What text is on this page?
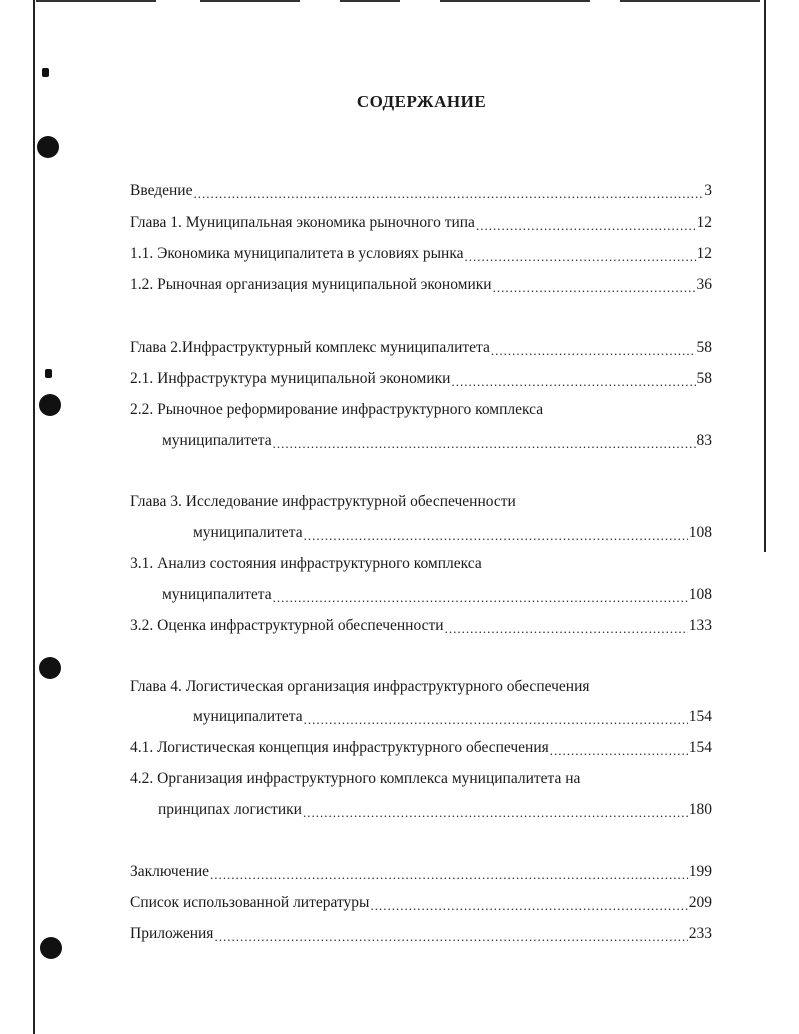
СОДЕРЖАНИЕ
Введение .....	3
Глава 1. Муниципальная экономика рыночного типа .....	12
1.1. Экономика муниципалитета в условиях рынка .....	12
1.2. Рыночная организация муниципальной экономики .....	36
Глава 2.Инфраструктурный комплекс муниципалитета .....	58
2.1. Инфраструктура муниципальной экономики .....	58
2.2. Рыночное реформирование инфраструктурного комплекса
муниципалитета .....	83
Глава 3. Исследование инфраструктурной обеспеченности
муниципалитета .....	108
3.1. Анализ состояния инфраструктурного комплекса
муниципалитета .....	108
3.2. Оценка инфраструктурной обеспеченности .....	133
Глава 4. Логистическая организация инфраструктурного обеспечения
муниципалитета .....	154
4.1. Логистическая концепция инфраструктурного обеспечения .....	154
4.2. Организация инфраструктурного комплекса муниципалитета на
принципах логистики .....	180
Заключение .....	199
Список использованной литературы .....	209
Приложения .....	233
